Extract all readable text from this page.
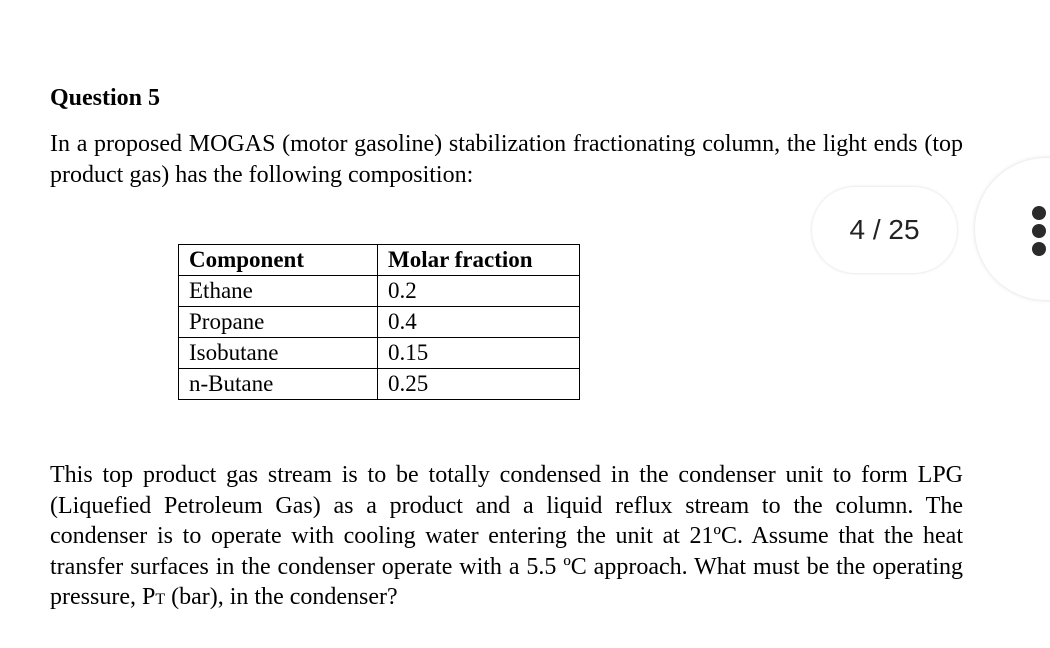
Question 5

In a proposed MOGAS (motor gasoline) stabilization fractionating column, the light ends (top product gas) has the following composition:

Component	Molar fraction
Ethane	0.2
Propane	0.4
Isobutane	0.15
n-Butane	0.25
4 / 25

This top product gas stream is to be totally condensed in the condenser unit to form LPG (Liquefied Petroleum Gas) as a product and a liquid reflux stream to the column. The condenser is to operate with cooling water entering the unit at 21ºC. Assume that the heat transfer surfaces in the condenser operate with a 5.5 ºC approach. What must be the operating pressure, PT (bar), in the condenser?
